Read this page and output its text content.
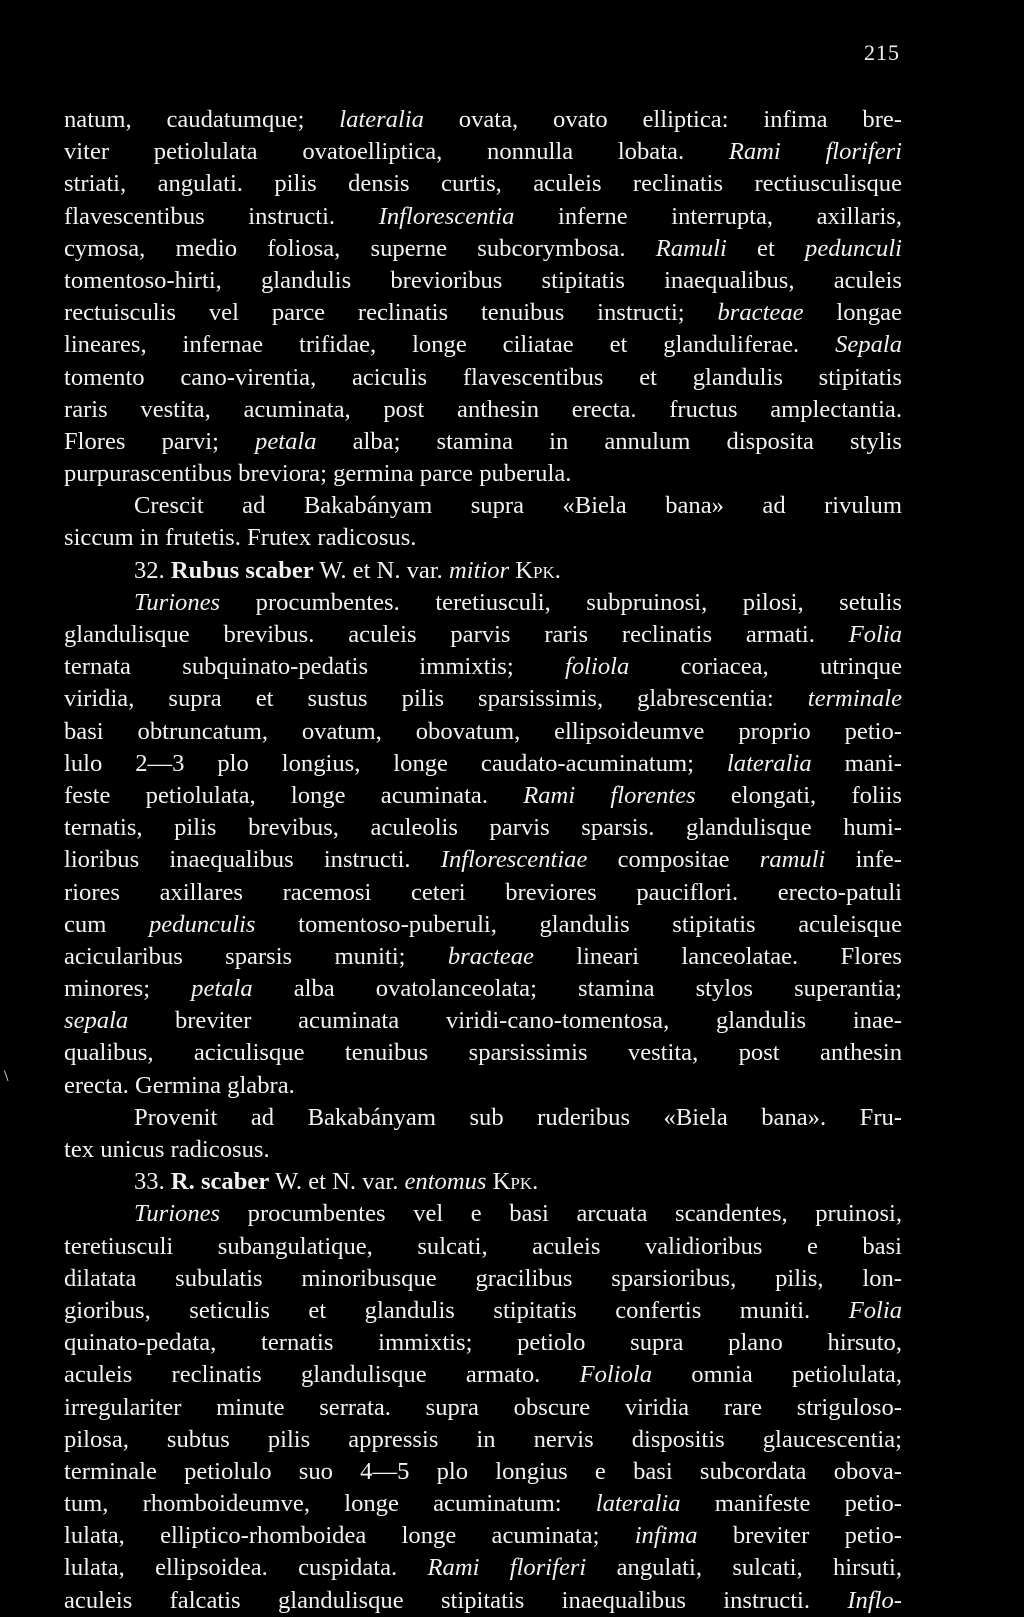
215
\
natum, caudatumque; lateralia ovata, ovato elliptica: infima bre-
viter petiolulata ovatoelliptica, nonnulla lobata. Rami floriferi
striati, angulati. pilis densis curtis, aculeis reclinatis rectiusculisque
flavescentibus instructi. Inflorescentia inferne interrupta, axillaris,
cymosa, medio foliosa, superne subcorymbosa. Ramuli et pedunculi
tomentoso-hirti, glandulis brevioribus stipitatis inaequalibus, aculeis
rectuisculis vel parce reclinatis tenuibus instructi; bracteae longae
lineares, infernae trifidae, longe ciliatae et glanduliferae. Sepala
tomento cano-virentia, aciculis flavescentibus et glandulis stipitatis
raris vestita, acuminata, post anthesin erecta. fructus amplectantia.
Flores parvi; petala alba; stamina in annulum disposita stylis
purpurascentibus breviora; germina parce puberula.
Crescit ad Bakabányam supra «Biela bana» ad rivulum
siccum in frutetis. Frutex radicosus.
32. Rubus scaber W. et N. var. mitior Kpk.
Turiones procumbentes. teretiusculi, subpruinosi, pilosi, setulis
glandulisque brevibus. aculeis parvis raris reclinatis armati. Folia
ternata subquinato-pedatis immixtis; foliola coriacea, utrinque
viridia, supra et sustus pilis sparsissimis, glabrescentia: terminale
basi obtruncatum, ovatum, obovatum, ellipsoideumve proprio petio-
lulo 2—3 plo longius, longe caudato-acuminatum; lateralia mani-
feste petiolulata, longe acuminata. Rami florentes elongati, foliis
ternatis, pilis brevibus, aculeolis parvis sparsis. glandulisque humi-
lioribus inaequalibus instructi. Inflorescentiae compositae ramuli infe-
riores axillares racemosi ceteri breviores pauciflori. erecto-patuli
cum pedunculis tomentoso-puberuli, glandulis stipitatis aculeisque
acicularibus sparsis muniti; bracteae lineari lanceolatae. Flores
minores; petala alba ovatolanceolata; stamina stylos superantia;
sepala breviter acuminata viridi-cano-tomentosa, glandulis inae-
qualibus, aciculisque tenuibus sparsissimis vestita, post anthesin
erecta. Germina glabra.
Provenit ad Bakabányam sub ruderibus «Biela bana». Fru-
tex unicus radicosus.
33. R. scaber W. et N. var. entomus Kpk.
Turiones procumbentes vel e basi arcuata scandentes, pruinosi,
teretiusculi subangulatique, sulcati, aculeis validioribus e basi
dilatata subulatis minoribusque gracilibus sparsioribus, pilis, lon-
gioribus, seticulis et glandulis stipitatis confertis muniti. Folia
quinato-pedata, ternatis immixtis; petiolo supra plano hirsuto,
aculeis reclinatis glandulisque armato. Foliola omnia petiolulata,
irregulariter minute serrata. supra obscure viridia rare striguloso-
pilosa, subtus pilis appressis in nervis dispositis glaucescentia;
terminale petiolulo suo 4—5 plo longius e basi subcordata obova-
tum, rhomboideumve, longe acuminatum: lateralia manifeste petio-
lulata, elliptico-rhomboidea longe acuminata; infima breviter petio-
lulata, ellipsoidea. cuspidata. Rami floriferi angulati, sulcati, hirsuti,
aculeis falcatis glandulisque stipitatis inaequalibus instructi. Inflo-
